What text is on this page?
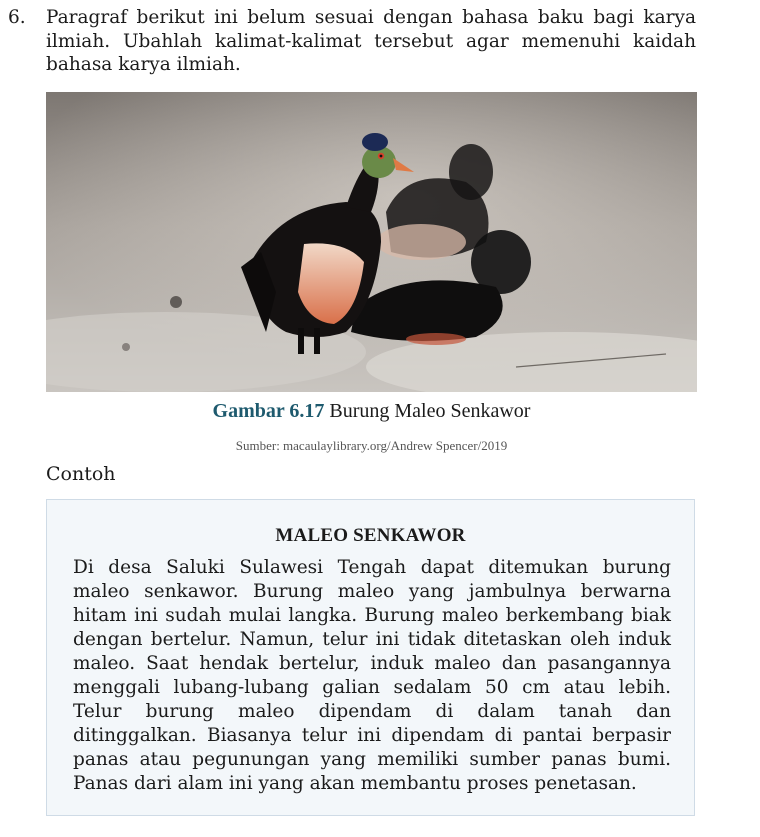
6. Paragraf berikut ini belum sesuai dengan bahasa baku bagi karya ilmiah. Ubahlah kalimat-kalimat tersebut agar memenuhi kaidah bahasa karya ilmiah.
Gambar 6.17 Burung Maleo Senkawor
Sumber: macaulaylibrary.org/Andrew Spencer/2019
Contoh
MALEO SENKAWOR
Di desa Saluki Sulawesi Tengah dapat ditemukan burung maleo senkawor. Burung maleo yang jambulnya berwarna hitam ini sudah mulai langka. Burung maleo berkembang biak dengan bertelur. Namun, telur ini tidak ditetaskan oleh induk maleo. Saat hendak bertelur, induk maleo dan pasangannya menggali lubang-lubang galian sedalam 50 cm atau lebih. Telur burung maleo dipendam di dalam tanah dan ditinggalkan. Biasanya telur ini dipendam di pantai berpasir panas atau pegunungan yang memiliki sumber panas bumi. Panas dari alam ini yang akan membantu proses penetasan.
